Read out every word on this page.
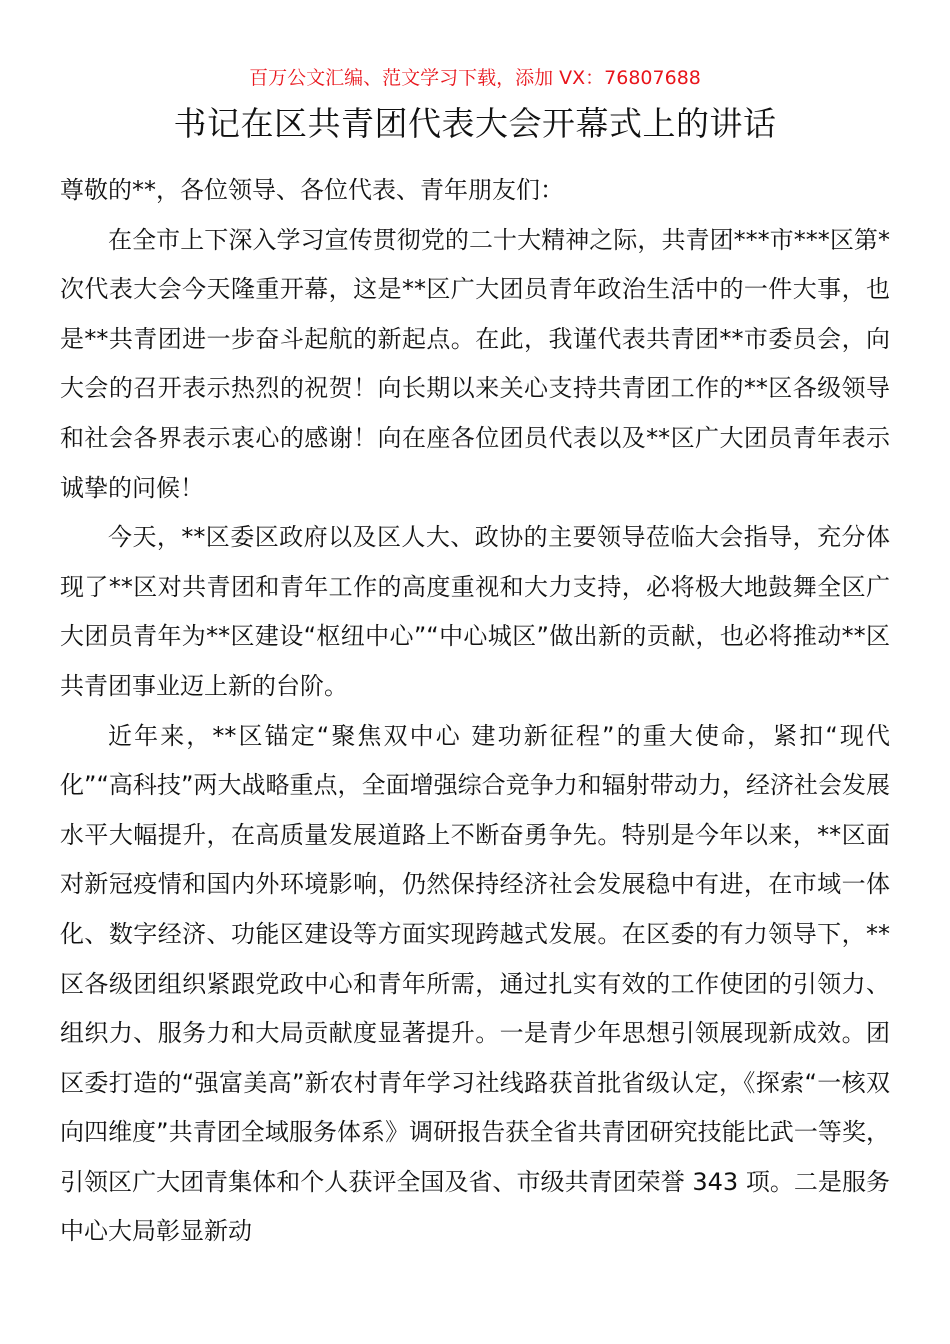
百万公文汇编、范文学习下载，添加 VX：76807688
书记在区共青团代表大会开幕式上的讲话

尊敬的**，各位领导、各位代表、青年朋友们：

在全市上下深入学习宣传贯彻党的二十大精神之际，共青团***市***区第*次代表大会今天隆重开幕，这是**区广大团员青年政治生活中的一件大事，也是**共青团进一步奋斗起航的新起点。在此，我谨代表共青团**市委员会，向大会的召开表示热烈的祝贺！向长期以来关心支持共青团工作的**区各级领导和社会各界表示衷心的感谢！向在座各位团员代表以及**区广大团员青年表示诚挚的问候！

今天，**区委区政府以及区人大、政协的主要领导莅临大会指导，充分体现了**区对共青团和青年工作的高度重视和大力支持，必将极大地鼓舞全区广大团员青年为**区建设“枢纽中心”“中心城区”做出新的贡献，也必将推动**区共青团事业迈上新的台阶。

近年来，**区锚定“聚焦双中心 建功新征程”的重大使命，紧扣“现代化”“高科技”两大战略重点，全面增强综合竞争力和辐射带动力，经济社会发展水平大幅提升，在高质量发展道路上不断奋勇争先。特别是今年以来，**区面对新冠疫情和国内外环境影响，仍然保持经济社会发展稳中有进，在市域一体化、数字经济、功能区建设等方面实现跨越式发展。在区委的有力领导下，**区各级团组织紧跟党政中心和青年所需，通过扎实有效的工作使团的引领力、组织力、服务力和大局贡献度显著提升。一是青少年思想引领展现新成效。团区委打造的“强富美高”新农村青年学习社线路获首批省级认定，《探索“一核双向四维度”共青团全域服务体系》调研报告获全省共青团研究技能比武一等奖，引领区广大团青集体和个人获评全国及省、市级共青团荣誉 343 项。二是服务中心大局彰显新动
